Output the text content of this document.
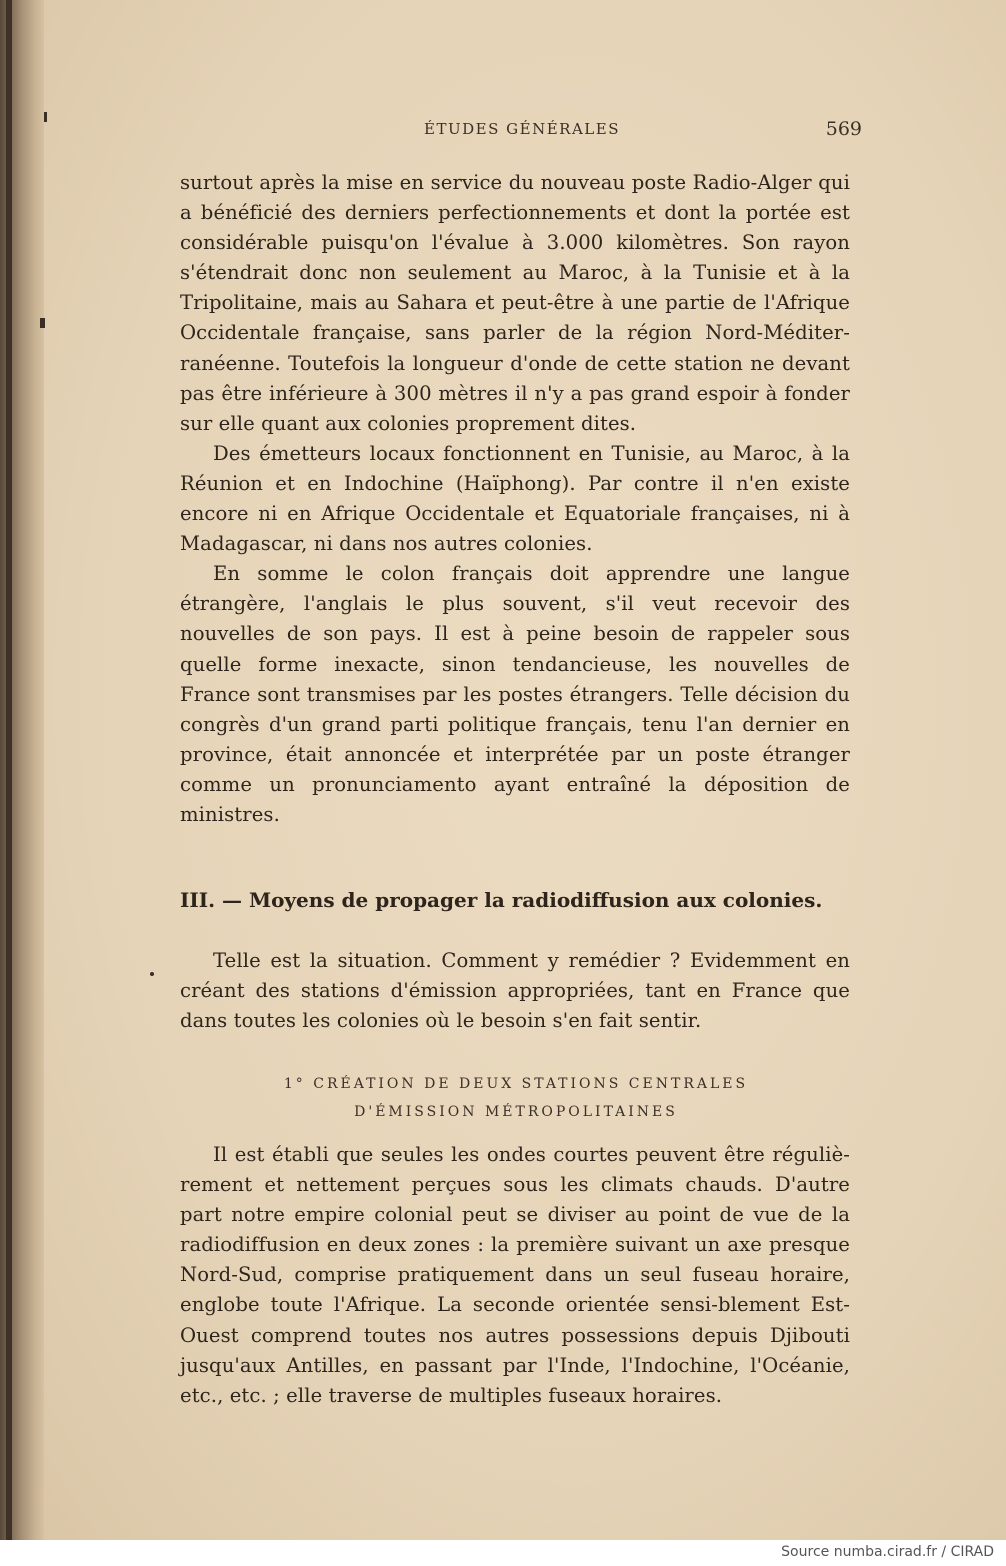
ÉTUDES GÉNÉRALES	569

surtout après la mise en service du nouveau poste Radio-Alger qui a bénéficié des derniers perfectionnements et dont la portée est considérable puisqu'on l'évalue à 3.000 kilomètres. Son rayon s'étendrait donc non seulement au Maroc, à la Tunisie et à la Tripolitaine, mais au Sahara et peut-être à une partie de l'Afrique Occidentale française, sans parler de la région Nord-Méditer-ranéenne. Toutefois la longueur d'onde de cette station ne devant pas être inférieure à 300 mètres il n'y a pas grand espoir à fonder sur elle quant aux colonies proprement dites.

Des émetteurs locaux fonctionnent en Tunisie, au Maroc, à la Réunion et en Indochine (Haïphong). Par contre il n'en existe encore ni en Afrique Occidentale et Equatoriale françaises, ni à Madagascar, ni dans nos autres colonies.

En somme le colon français doit apprendre une langue étrangère, l'anglais le plus souvent, s'il veut recevoir des nouvelles de son pays. Il est à peine besoin de rappeler sous quelle forme inexacte, sinon tendancieuse, les nouvelles de France sont transmises par les postes étrangers. Telle décision du congrès d'un grand parti politique français, tenu l'an dernier en province, était annoncée et interprétée par un poste étranger comme un pronunciamento ayant entraîné la déposition de ministres.

III. — Moyens de propager la radiodiffusion aux colonies.

Telle est la situation. Comment y remédier ? Evidemment en créant des stations d'émission appropriées, tant en France que dans toutes les colonies où le besoin s'en fait sentir.

1° CRÉATION DE DEUX STATIONS CENTRALES
D'ÉMISSION MÉTROPOLITAINES

Il est établi que seules les ondes courtes peuvent être réguliè-rement et nettement perçues sous les climats chauds. D'autre part notre empire colonial peut se diviser au point de vue de la radiodiffusion en deux zones : la première suivant un axe presque Nord-Sud, comprise pratiquement dans un seul fuseau horaire, englobe toute l'Afrique. La seconde orientée sensi-blement Est-Ouest comprend toutes nos autres possessions depuis Djibouti jusqu'aux Antilles, en passant par l'Inde, l'Indochine, l'Océanie, etc., etc. ; elle traverse de multiples fuseaux horaires.

Source numba.cirad.fr / CIRAD
